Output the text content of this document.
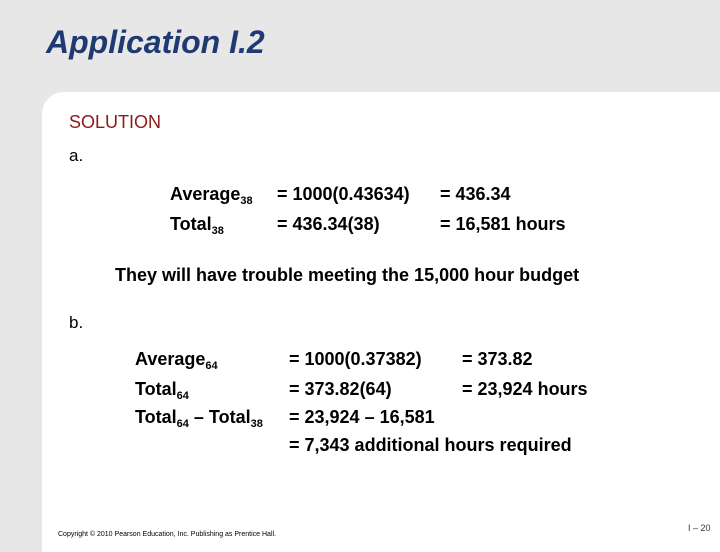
Application I.2
SOLUTION
a.
Average$_{38}$ = 1000(0.43634) = 436.34
Total$_{38}$	= 436.34(38)	= 16,581 hours
They will have trouble meeting the 15,000 hour budget
b.
Average$_{64}$	= 1000(0.37382) = 373.82
Total$_{64}$	= 373.82(64)	= 23,924 hours
Total$_{64}$ – Total$_{38}$ = 23,924 – 16,581
= 7,343 additional hours required
Copyright © 2010 Pearson Education, Inc. Publishing as Prentice Hall.
I – 20
